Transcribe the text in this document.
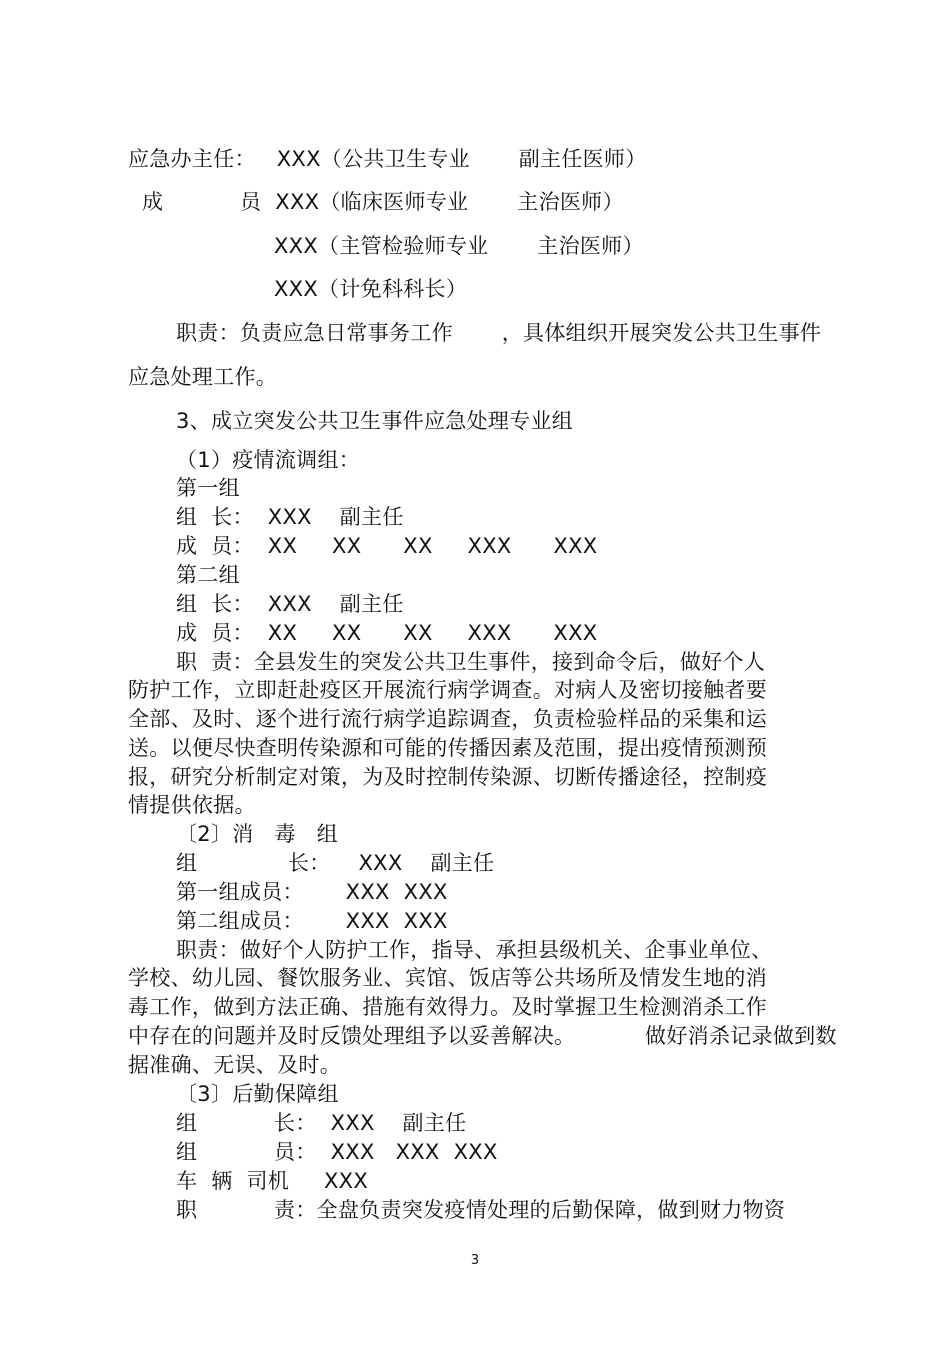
应急办主任：   XXX（公共卫生专业       副主任医师）
成           员  XXX（临床医师专业       主治医师）
XXX（主管检验师专业       主治医师）
XXX（计免科科长）
职责：负责应急日常事务工作       ，具体组织开展突发公共卫生事件
应急处理工作。
3、成立突发公共卫生事件应急处理专业组
（1）疫情流调组：
第一组
组  长：  XXX    副主任
成  员：  XX     XX      XX     XXX      XXX
第二组
组  长：  XXX    副主任
成  员：  XX     XX      XX     XXX      XXX
职  责：全县发生的突发公共卫生事件，接到命令后，做好个人
防护工作，立即赶赴疫区开展流行病学调查。对病人及密切接触者要
全部、及时、逐个进行流行病学追踪调查，负责检验样品的采集和运
送。以便尽快查明传染源和可能的传播因素及范围，提出疫情预测预
报，研究分析制定对策，为及时控制传染源、切断传播途径，控制疫
情提供依据。
〔2〕消   毒   组
组             长：    XXX    副主任
第一组成员：      XXX  XXX
第二组成员：      XXX  XXX
职责：做好个人防护工作，指导、承担县级机关、企事业单位、
学校、幼儿园、餐饮服务业、宾馆、饭店等公共场所及情发生地的消
毒工作，做到方法正确、措施有效得力。及时掌握卫生检测消杀工作
中存在的问题并及时反馈处理组予以妥善解决。          做好消杀记录做到数
据准确、无误、及时。
〔3〕后勤保障组
组           长：  XXX    副主任
组           员：  XXX   XXX  XXX
车  辆  司机     XXX
职           责：全盘负责突发疫情处理的后勤保障，做到财力物资
3
